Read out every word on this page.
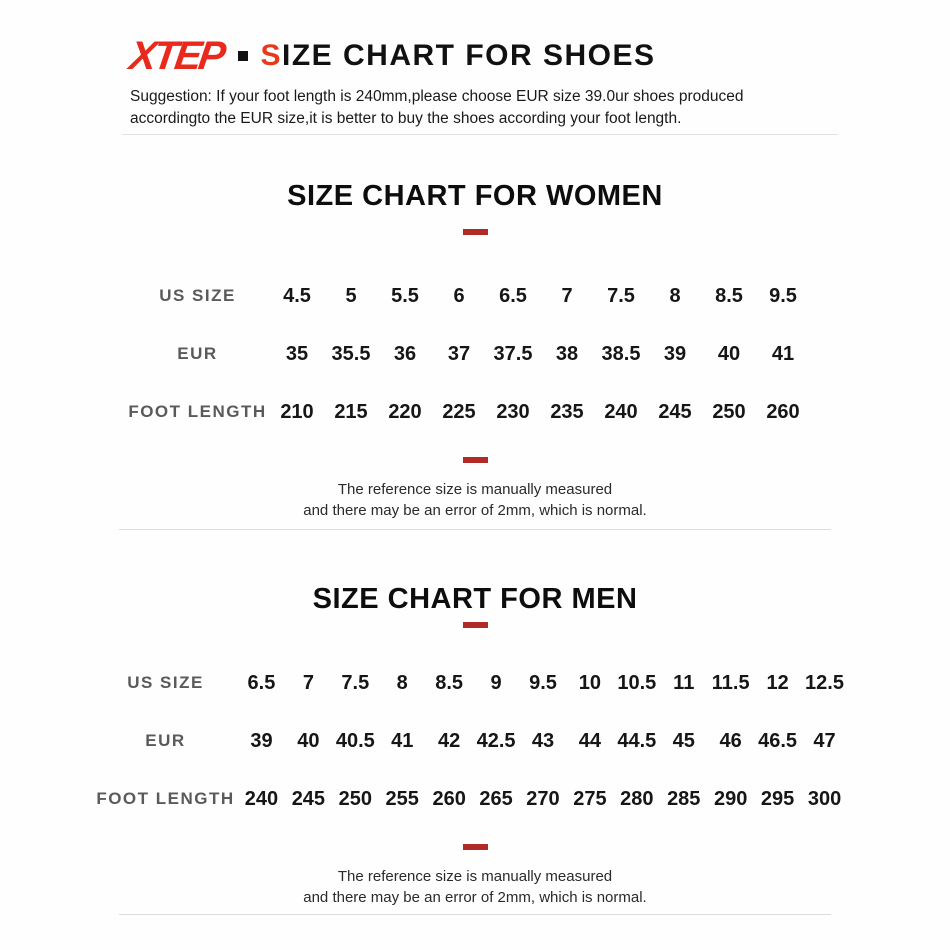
XTEP	SIZE CHART FOR SHOES
Suggestion: If your foot length is 240mm,please choose EUR size 39.0ur shoes produced accordingto the EUR size,it is better to buy the shoes according your foot length.
SIZE CHART FOR WOMEN
US SIZE	4.5	5	5.5	6	6.5	7	7.5	8	8.5	9.5
EUR	35	35.5	36	37	37.5	38	38.5	39	40	41
FOOT LENGTH 210	215	220	225	230	235	240	245	250	260
The reference size is manually measured
and there may be an error of 2mm, which is normal.
SIZE CHART FOR MEN
US SIZE	6.5	7	7.5	8	8.5	9	9.5	10 10.5 11 11.5 12 12.5
EUR	39	40 40.5 41	42 42.5 43	44 44.5 45	46 46.5 47
FOOT LENGTH 240 245 250 255 260 265 270 275 280 285 290 295 300
The reference size is manually measured
and there may be an error of 2mm, which is normal.
